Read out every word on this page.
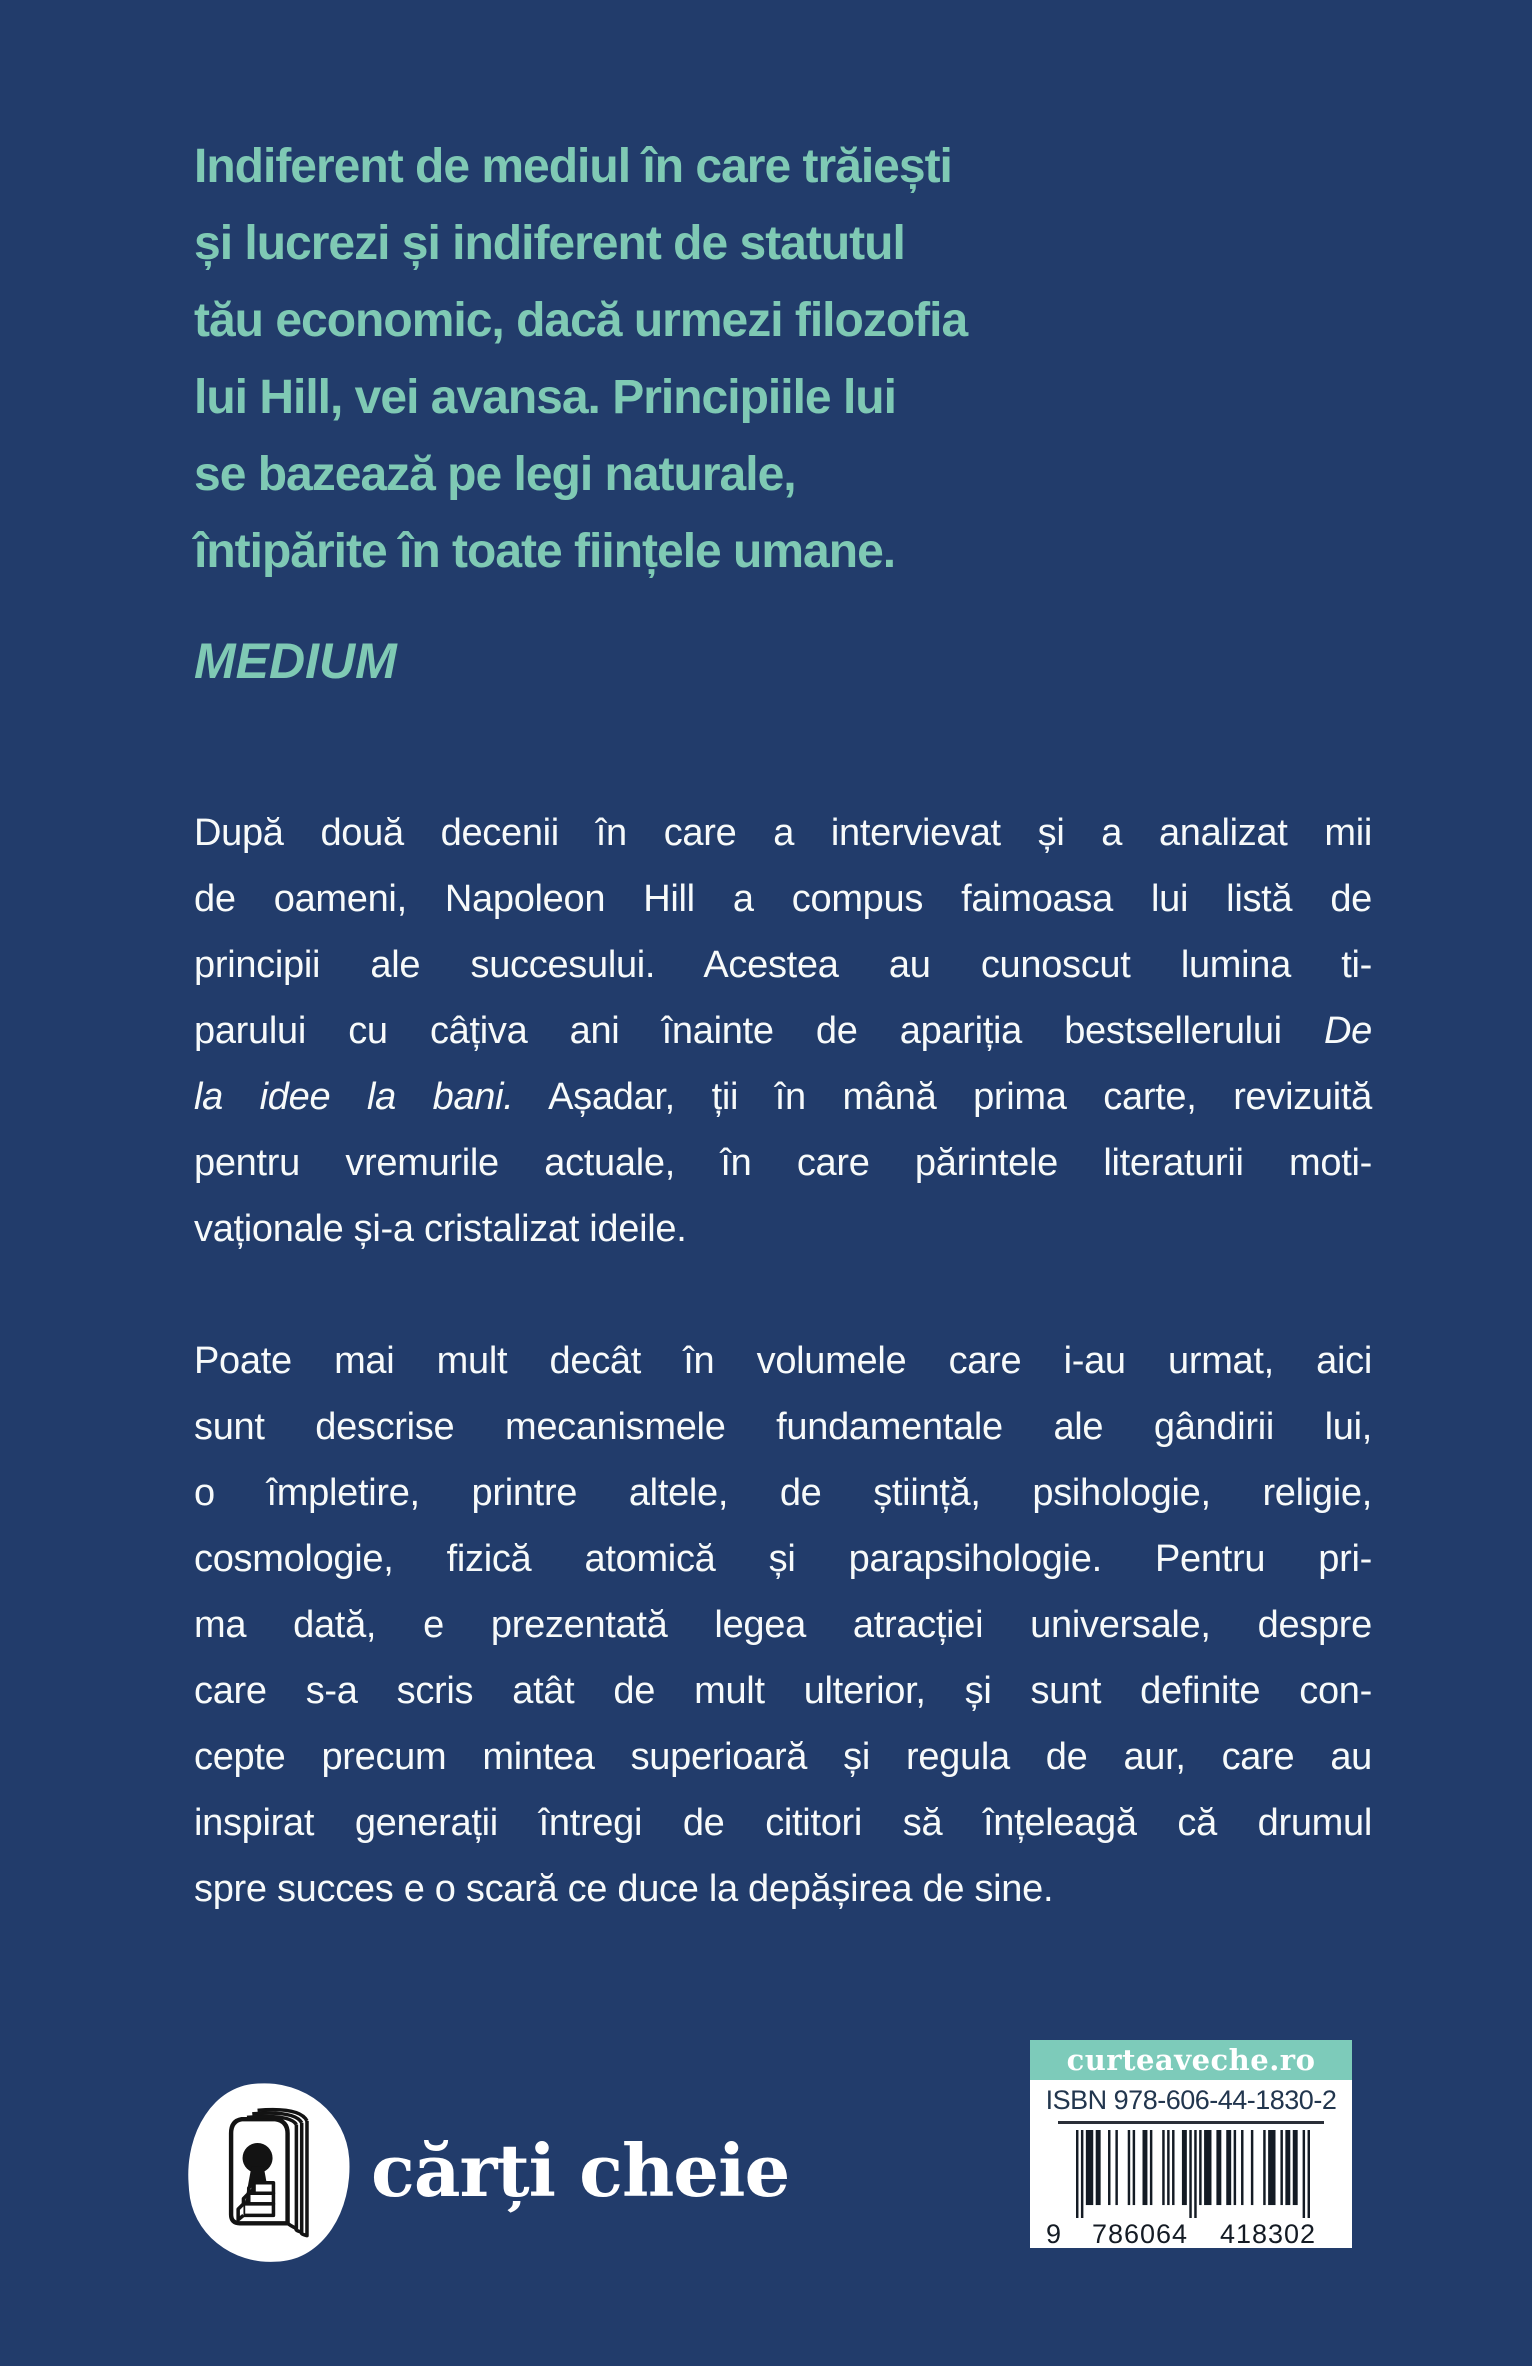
Indiferent de mediul în care trăiești
și lucrezi și indiferent de statutul
tău economic, dacă urmezi filozofia
lui Hill, vei avansa. Principiile lui
se bazează pe legi naturale,
întipărite în toate ființele umane.
MEDIUM
După două decenii în care a intervievat și a analizat mii
de oameni, Napoleon Hill a compus faimoasa lui listă de
principii ale succesului. Acestea au cunoscut lumina ti-
parului cu câțiva ani înainte de apariția bestsellerului De
la idee la bani. Așadar, ții în mână prima carte, revizuită
pentru vremurile actuale, în care părintele literaturii moti-
vaționale și-a cristalizat ideile.
Poate mai mult decât în volumele care i-au urmat, aici
sunt descrise mecanismele fundamentale ale gândirii lui,
o împletire, printre altele, de știință, psihologie, religie,
cosmologie, fizică atomică și parapsihologie. Pentru pri-
ma dată, e prezentată legea atracției universale, despre
care s-a scris atât de mult ulterior, și sunt definite con-
cepte precum mintea superioară și regula de aur, care au
inspirat generații întregi de cititori să înțeleagă că drumul
spre succes e o scară ce duce la depășirea de sine.
cărți cheie
curteaveche.ro
ISBN 978-606-44-1830-2
9	786064	418302
